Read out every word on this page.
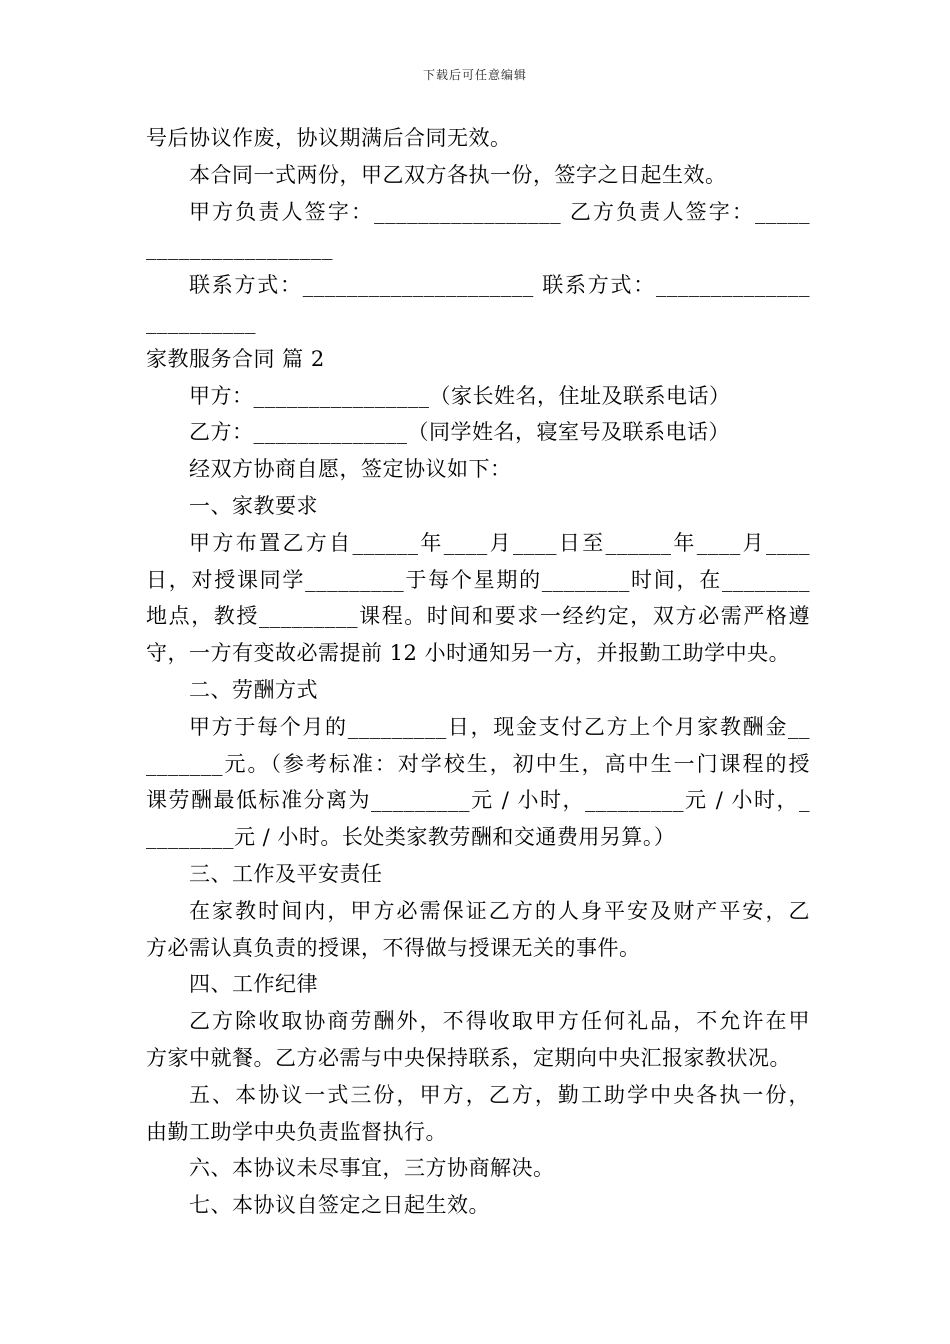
下载后可任意编辑

号后协议作废，协议期满后合同无效。

本合同一式两份，甲乙双方各执一份，签字之日起生效。

甲方负责人签字：_________________ 乙方负责人签字：_____

_________________

联系方式：_____________________ 联系方式：______________

__________

家教服务合同 篇 2

甲方：________________（家长姓名，住址及联系电话）

乙方：______________（同学姓名，寝室号及联系电话）

经双方协商自愿，签定协议如下：

一、家教要求

甲方布置乙方自______年____月____日至______年____月____

日，对授课同学_________于每个星期的________时间，在________

地点，教授_________课程。时间和要求一经约定，双方必需严格遵

守，一方有变故必需提前 12 小时通知另一方，并报勤工助学中央。

二、劳酬方式

甲方于每个月的_________日，现金支付乙方上个月家教酬金__

_______元。（参考标准：对学校生，初中生，高中生一门课程的授

课劳酬最低标准分离为_________元 / 小时，_________元 / 小时，_

________元 / 小时。长处类家教劳酬和交通费用另算。）

三、工作及平安责任

在家教时间内，甲方必需保证乙方的人身平安及财产平安，乙

方必需认真负责的授课，不得做与授课无关的事件。

四、工作纪律

乙方除收取协商劳酬外，不得收取甲方任何礼品，不允许在甲

方家中就餐。乙方必需与中央保持联系，定期向中央汇报家教状况。

五、本协议一式三份，甲方，乙方，勤工助学中央各执一份，

由勤工助学中央负责监督执行。

六、本协议未尽事宜，三方协商解决。

七、本协议自签定之日起生效。
